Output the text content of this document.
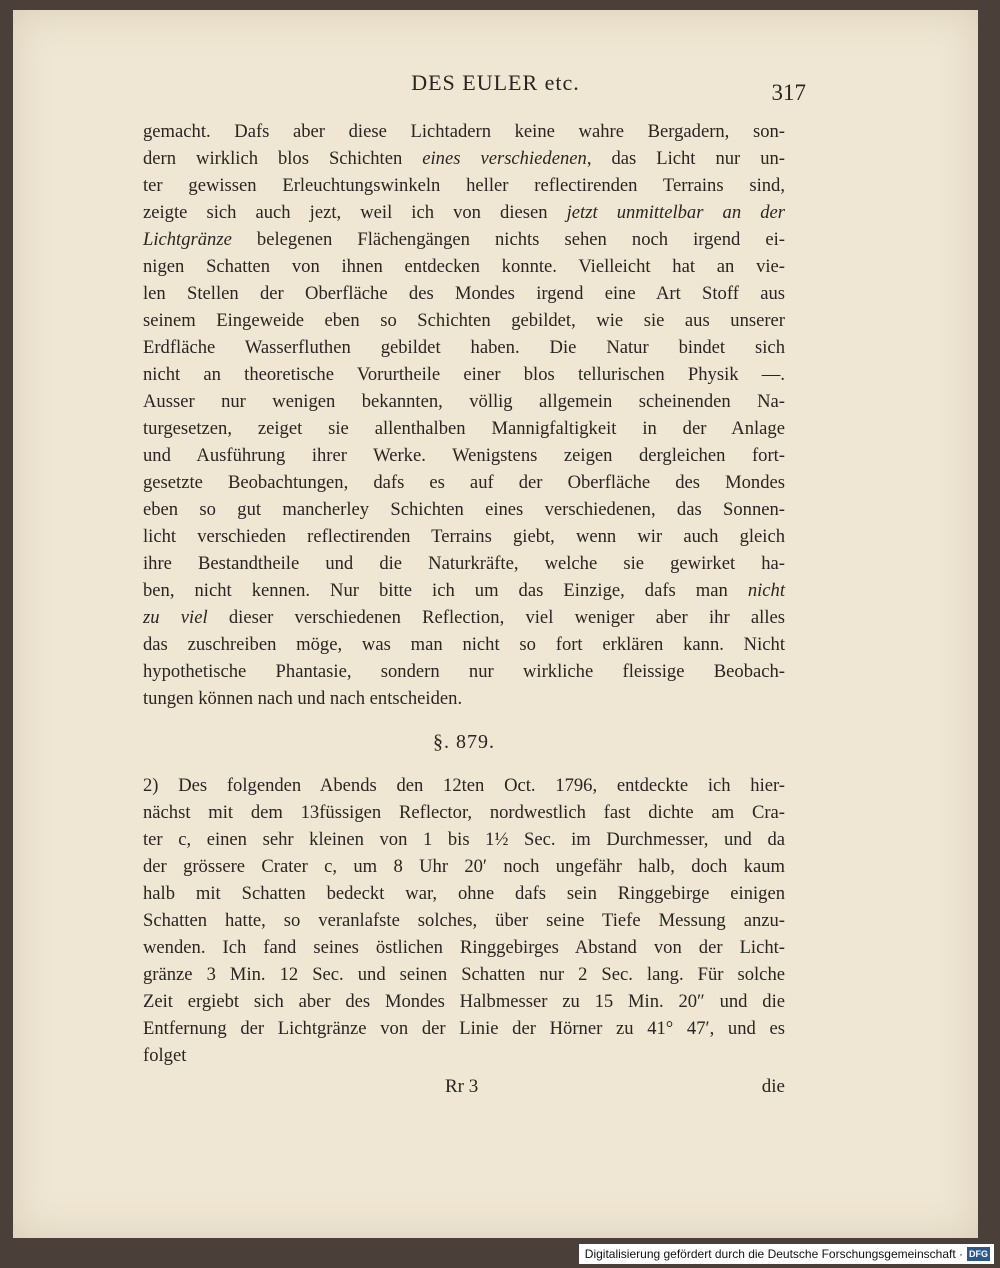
DES EULER etc.	317
gemacht. Dafs aber diese Lichtadern keine wahre Bergadern, son-
dern wirklich blos Schichten eines verschiedenen, das Licht nur un-
ter gewissen Erleuchtungswinkeln heller reflectirenden Terrains sind,
zeigte sich auch jezt, weil ich von diesen jetzt unmittelbar an der
Lichtgränze belegenen Flächengängen nichts sehen noch irgend ei-
nigen Schatten von ihnen entdecken konnte. Vielleicht hat an vie-
len Stellen der Oberfläche des Mondes irgend eine Art Stoff aus
seinem Eingeweide eben so Schichten gebildet, wie sie aus unserer
Erdfläche Wasserfluthen gebildet haben. Die Natur bindet sich
nicht an theoretische Vorurtheile einer blos tellurischen Physik —.
Ausser nur wenigen bekannten, völlig allgemein scheinenden Na-
turgesetzen, zeiget sie allenthalben Mannigfaltigkeit in der Anlage
und Ausführung ihrer Werke. Wenigstens zeigen dergleichen fort-
gesetzte Beobachtungen, dafs es auf der Oberfläche des Mondes
eben so gut mancherley Schichten eines verschiedenen, das Sonnen-
licht verschieden reflectirenden Terrains giebt, wenn wir auch gleich
ihre Bestandtheile und die Naturkräfte, welche sie gewirket ha-
ben, nicht kennen. Nur bitte ich um das Einzige, dafs man nicht
zu viel dieser verschiedenen Reflection, viel weniger aber ihr alles
das zuschreiben möge, was man nicht so fort erklären kann. Nicht
hypothetische Phantasie, sondern nur wirkliche fleissige Beobach-
tungen können nach und nach entscheiden.
§. 879.
2) Des folgenden Abends den 12ten Oct. 1796, entdeckte ich hier-
nächst mit dem 13füssigen Reflector, nordwestlich fast dichte am Cra-
ter c, einen sehr kleinen von 1 bis 1½ Sec. im Durchmesser, und da
der grössere Crater c, um 8 Uhr 20′ noch ungefähr halb, doch kaum
halb mit Schatten bedeckt war, ohne dafs sein Ringgebirge einigen
Schatten hatte, so veranlafste solches, über seine Tiefe Messung anzu-
wenden. Ich fand seines östlichen Ringgebirges Abstand von der Licht-
gränze 3 Min. 12 Sec. und seinen Schatten nur 2 Sec. lang. Für solche
Zeit ergiebt sich aber des Mondes Halbmesser zu 15 Min. 20″ und die
Entfernung der Lichtgränze von der Linie der Hörner zu 41° 47′, und es
folget
Rr 3	die
Digitalisierung gefördert durch die Deutsche Forschungsgemeinschaft · DFG
